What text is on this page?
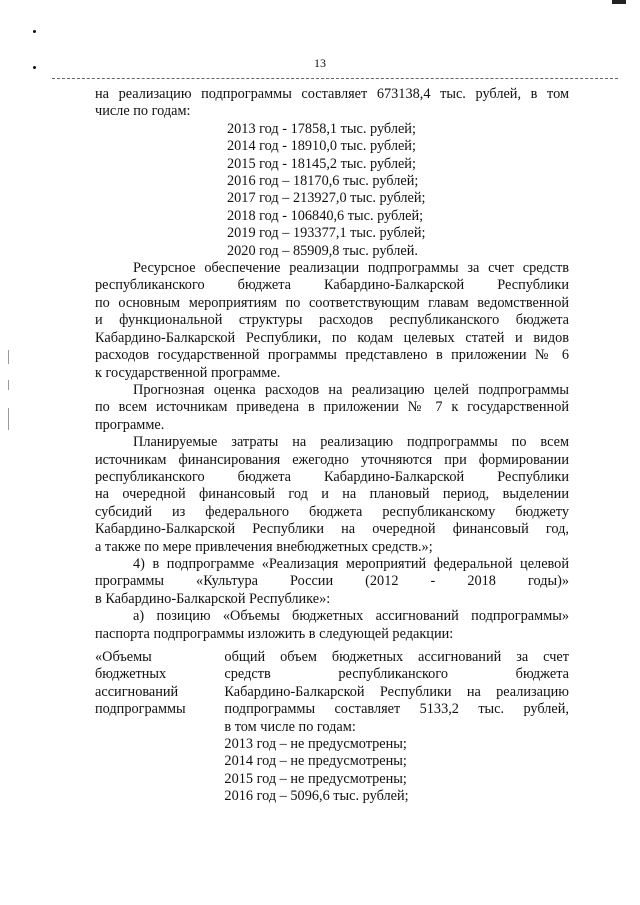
13
на реализацию подпрограммы составляет 673138,4 тыс. рублей, в том
числе по годам:
2013 год - 17858,1 тыс. рублей;
2014 год - 18910,0 тыс. рублей;
2015 год - 18145,2 тыс. рублей;
2016 год – 18170,6 тыс. рублей;
2017 год – 213927,0 тыс. рублей;
2018 год - 106840,6 тыс. рублей;
2019 год – 193377,1 тыс. рублей;
2020 год – 85909,8 тыс. рублей.
Ресурсное обеспечение реализации подпрограммы за счет средств
республиканского бюджета Кабардино-Балкарской Республики
по основным мероприятиям по соответствующим главам ведомственной
и функциональной структуры расходов республиканского бюджета
Кабардино-Балкарской Республики, по кодам целевых статей и видов
расходов государственной программы представлено в приложении № 6
к государственной программе.
Прогнозная оценка расходов на реализацию целей подпрограммы
по всем источникам приведена в приложении № 7 к государственной
программе.
Планируемые затраты на реализацию подпрограммы по всем
источникам финансирования ежегодно уточняются при формировании
республиканского бюджета Кабардино-Балкарской Республики
на очередной финансовый год и на плановый период, выделении
субсидий из федерального бюджета республиканскому бюджету
Кабардино-Балкарской Республики на очередной финансовый год,
а также по мере привлечения внебюджетных средств.»;
4) в подпрограмме «Реализация мероприятий федеральной целевой
программы «Культура России (2012 - 2018 годы)»
в Кабардино-Балкарской Республике»:
а) позицию «Объемы бюджетных ассигнований подпрограммы»
паспорта подпрограммы изложить в следующей редакции:
«Объемы
бюджетных
ассигнований
подпрограммы
общий объем бюджетных ассигнований за счет
средств республиканского бюджета
Кабардино-Балкарской Республики на реализацию
подпрограммы составляет 5133,2 тыс. рублей,
в том числе по годам:
2013 год – не предусмотрены;
2014 год – не предусмотрены;
2015 год – не предусмотрены;
2016 год – 5096,6 тыс. рублей;
